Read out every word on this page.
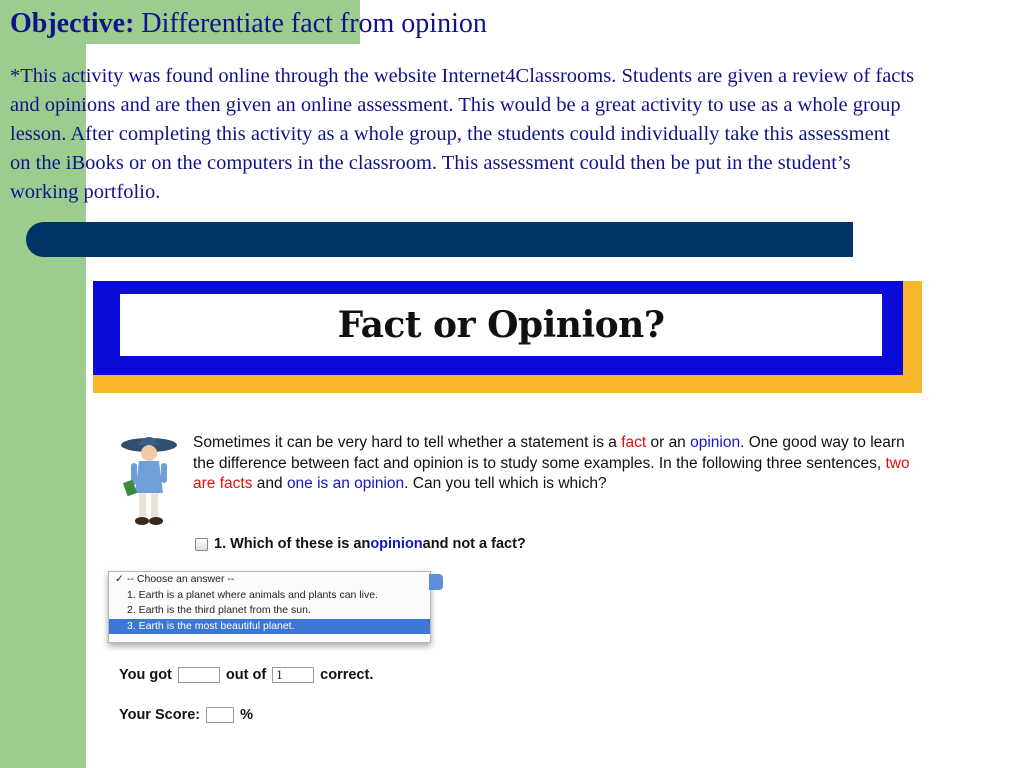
Objective: Differentiate fact from opinion

*This activity was found online through the website Internet4Classrooms. Students are given a review of facts and opinions and are then given an online assessment. This would be a great activity to use as a whole group lesson. After completing this activity as a whole group, the students could individually take this assessment on the iBooks or on the computers in the classroom. This assessment could then be put in the student’s working portfolio.

Fact or Opinion?
Sometimes it can be very hard to tell whether a statement is a fact or an opinion. One good way to learn the difference between fact and opinion is to study some examples. In the following three sentences, two are facts and one is an opinion. Can you tell which is which?
1. Which of these is an opinion and not a fact?
✓ -- Choose an answer --
1. Earth is a planet where animals and plants can live.
2. Earth is the third planet from the sun.
3. Earth is the most beautiful planet.
You got	out of 1	correct.
Your Score:	%
